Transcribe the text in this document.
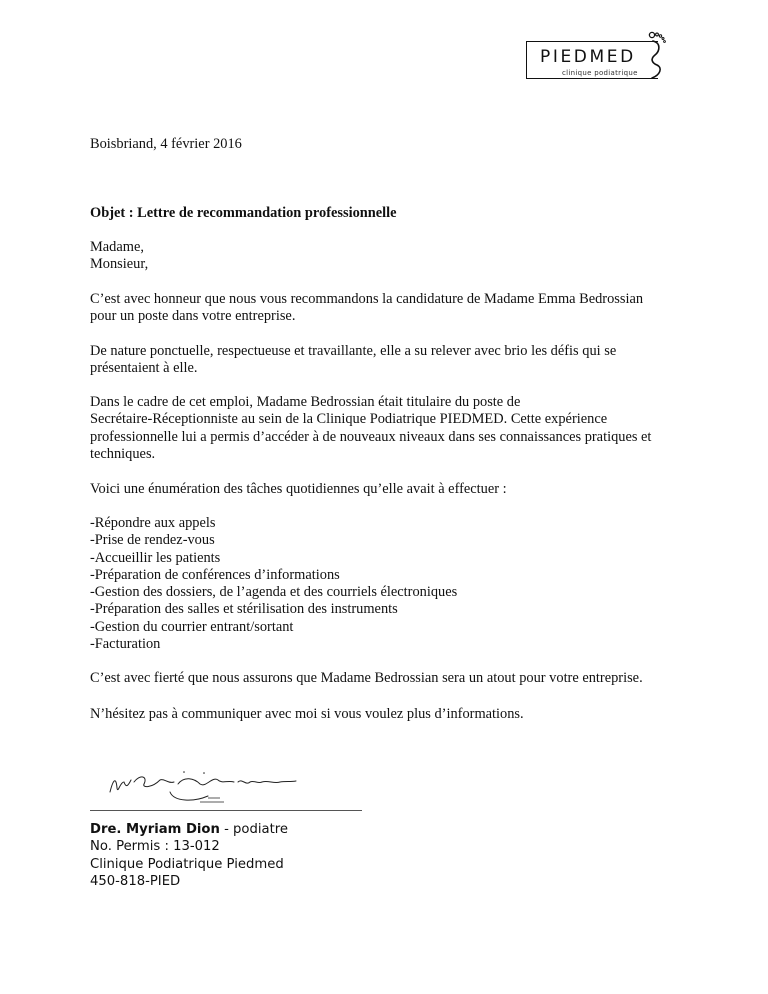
PIEDMED
clinique podiatrique
Boisbriand, 4 février 2016
Objet : Lettre de recommandation professionnelle
Madame,
Monsieur,
C’est avec honneur que nous vous recommandons la candidature de Madame Emma Bedrossian
pour un poste dans votre entreprise.
De nature ponctuelle, respectueuse et travaillante, elle a su relever avec brio les défis qui se
présentaient à elle.
Dans le cadre de cet emploi, Madame Bedrossian était titulaire du poste de
Secrétaire-Réceptionniste au sein de la Clinique Podiatrique PIEDMED. Cette expérience
professionnelle lui a permis d’accéder à de nouveaux niveaux dans ses connaissances pratiques et
techniques.
Voici une énumération des tâches quotidiennes qu’elle avait à effectuer :
-Répondre aux appels
-Prise de rendez-vous
-Accueillir les patients
-Préparation de conférences d’informations
-Gestion des dossiers, de l’agenda et des courriels électroniques
-Préparation des salles et stérilisation des instruments
-Gestion du courrier entrant/sortant
-Facturation
C’est avec fierté que nous assurons que Madame Bedrossian sera un atout pour votre entreprise.
N’hésitez pas à communiquer avec moi si vous voulez plus d’informations.
Dre. Myriam Dion - podiatre
No. Permis : 13-012
Clinique Podiatrique Piedmed
450-818-PIED
